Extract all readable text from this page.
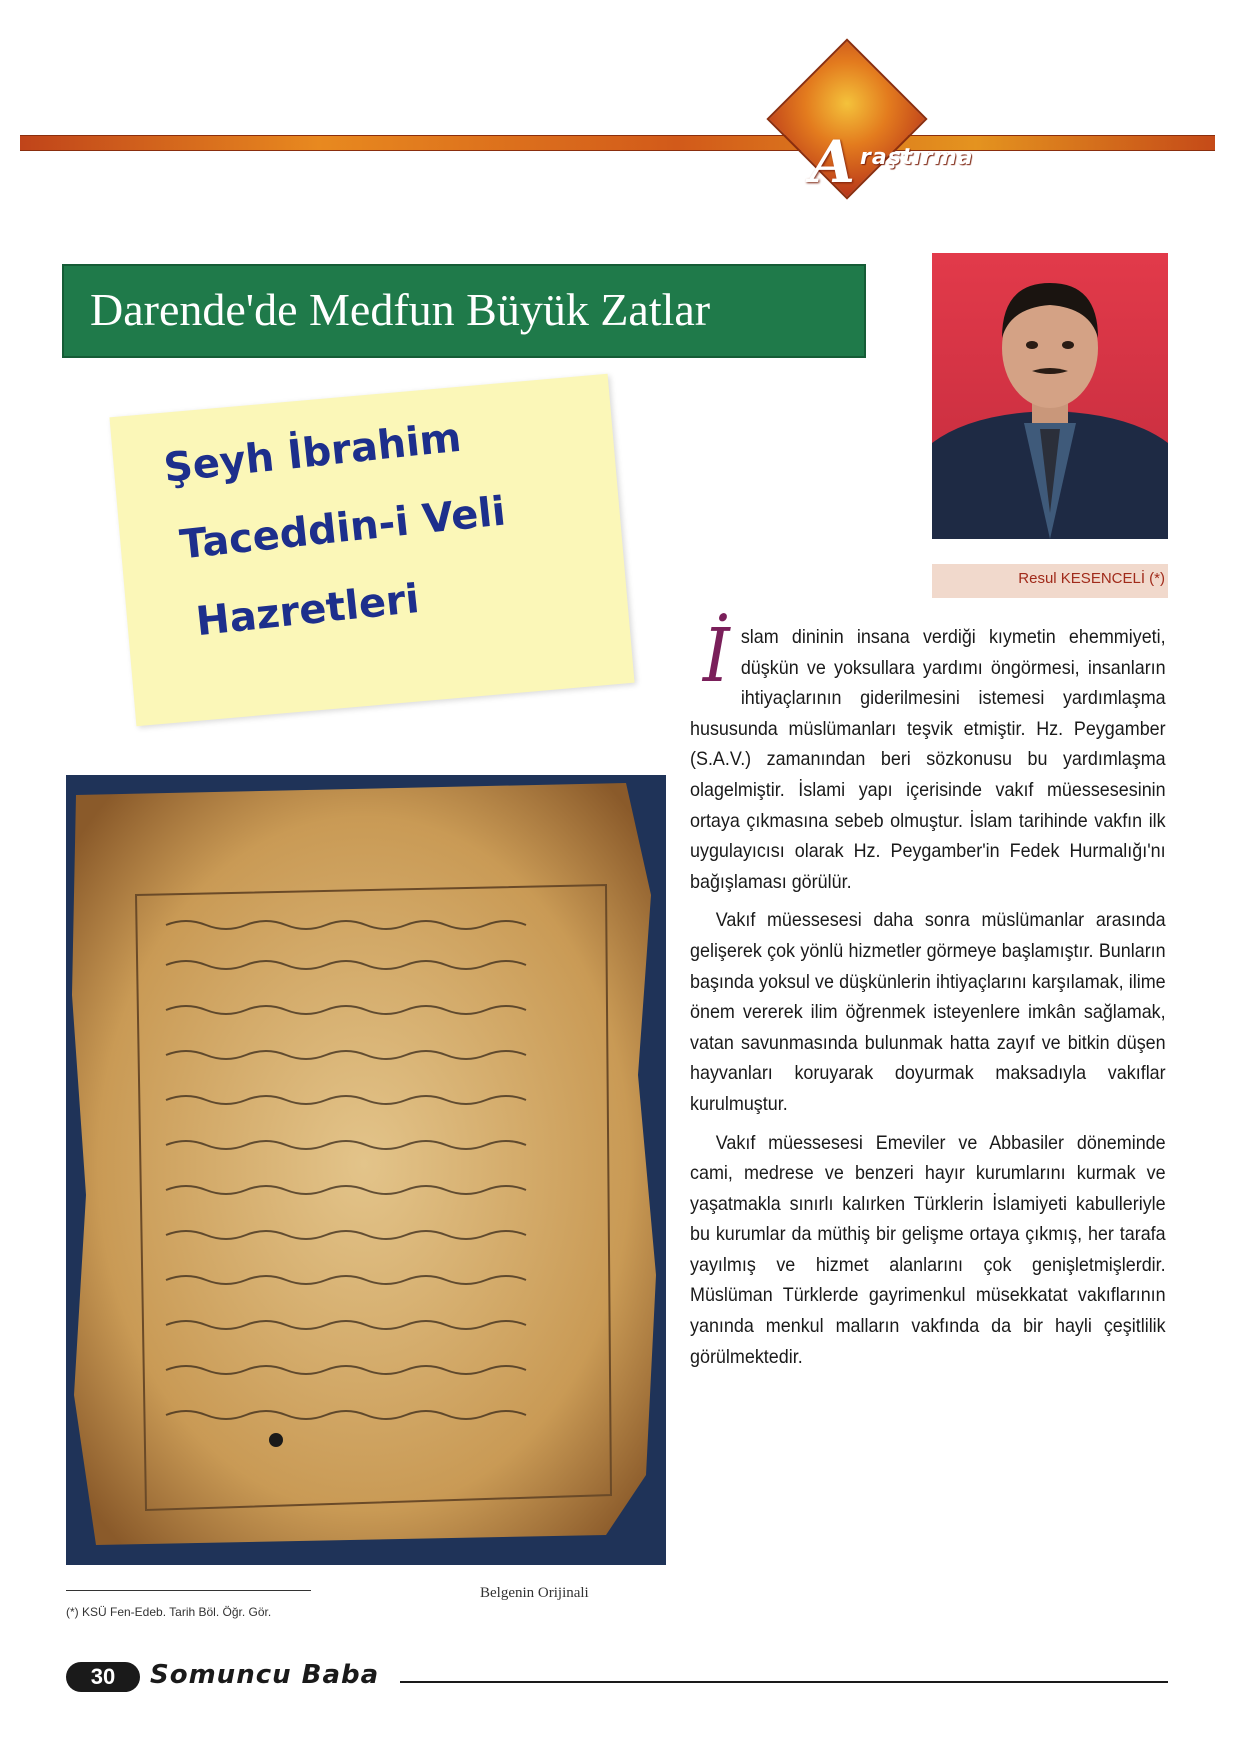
A raştırma
Darende'de Medfun Büyük Zatlar
Şeyh İbrahim
Taceddin-i Veli
Hazretleri	Resul KESENCELİ (*)
Belgenin Orijinali

İslam dininin insana verdiği kıymetin ehemmiyeti, düşkün ve yoksullara yardımı öngörmesi, insanların ihtiyaçlarının giderilmesini istemesi yardımlaşma hususunda müslümanları teşvik etmiştir. Hz. Peygamber (S.A.V.) zamanından beri sözkonusu bu yardımlaşma olagelmiştir. İslami yapı içerisinde vakıf müessesesinin ortaya çıkmasına sebeb olmuştur. İslam tarihinde vakfın ilk uygulayıcısı olarak Hz. Peygamber'in Fedek Hurmalığı'nı bağışlaması görülür.

Vakıf müessesesi daha sonra müslümanlar arasında gelişerek çok yönlü hizmetler görmeye başlamıştır. Bunların başında yoksul ve düşkünlerin ihtiyaçlarını karşılamak, ilime önem vererek ilim öğrenmek isteyenlere imkân sağlamak, vatan savunmasında bulunmak hatta zayıf ve bitkin düşen hayvanları koruyarak doyurmak maksadıyla vakıflar kurulmuştur.

Vakıf müessesesi Emeviler ve Abbasiler döneminde cami, medrese ve benzeri hayır kurumlarını kurmak ve yaşatmakla sınırlı kalırken Türklerin İslamiyeti kabulleriyle bu kurumlar da müthiş bir gelişme ortaya çıkmış, her tarafa yayılmış ve hizmet alanlarını çok genişletmişlerdir. Müslüman Türklerde gayrimenkul müsekkatat vakıflarının yanında menkul malların vakfında da bir hayli çeşitlilik görülmektedir.

(*) KSÜ Fen-Edeb. Tarih Böl. Öğr. Gör.
30	Somuncu Baba
